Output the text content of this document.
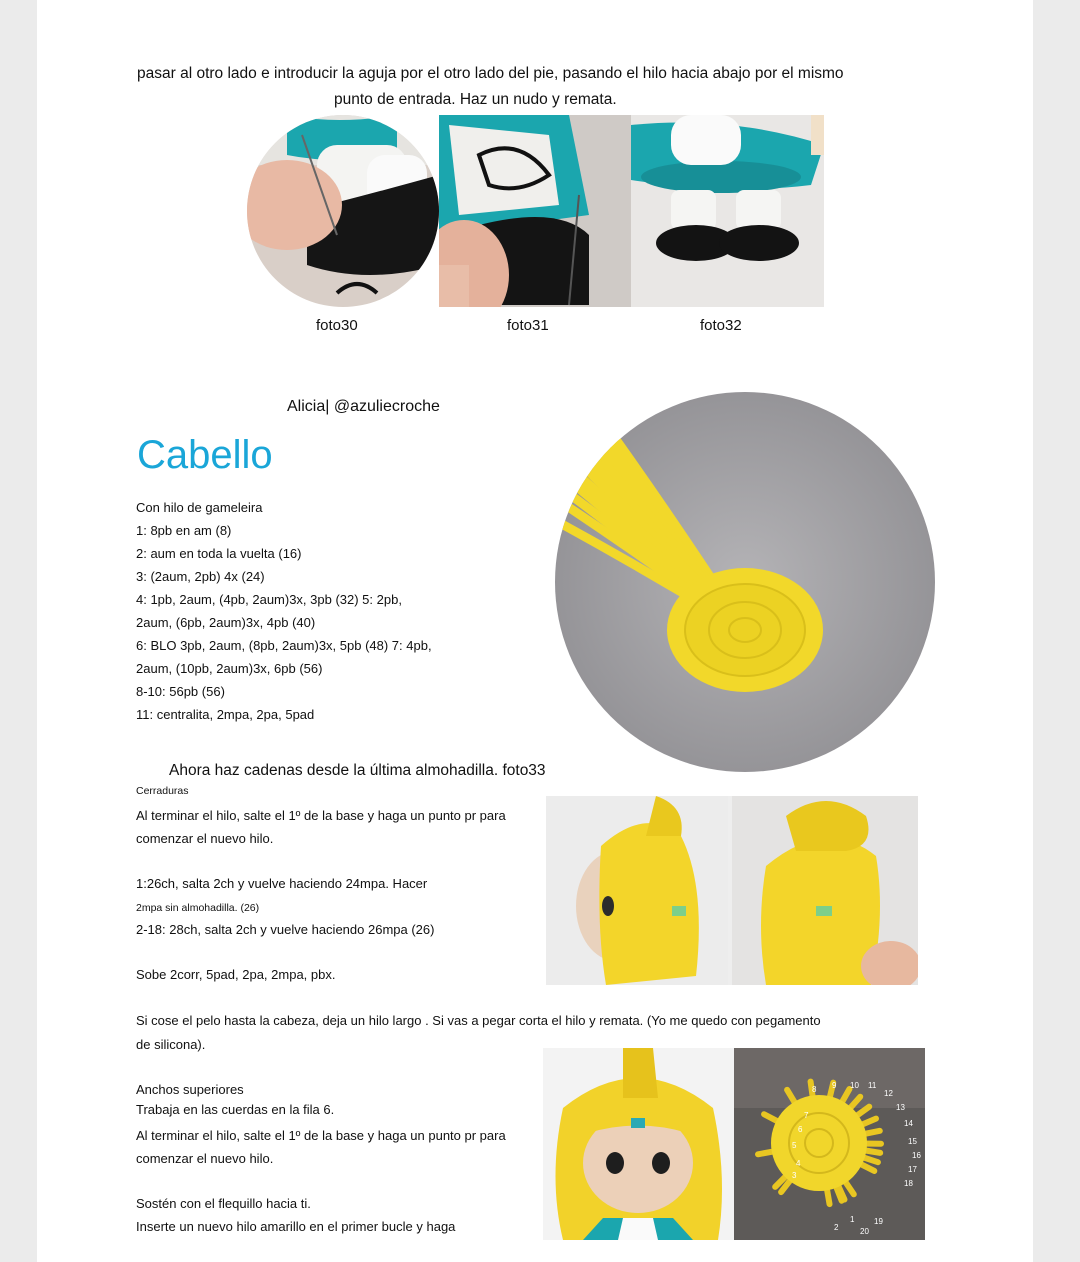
pasar al otro lado e introducir la aguja por el otro lado del pie, pasando el hilo hacia abajo por el mismo
punto de entrada. Haz un nudo y remata.
foto30	foto31	foto32
Alicia| @azuliecroche
Cabello
Con hilo de gameleira
1: 8pb en am (8)
2: aum en toda la vuelta (16)
3: (2aum, 2pb) 4x (24)
4: 1pb, 2aum, (4pb, 2aum)3x, 3pb (32) 5: 2pb,
2aum, (6pb, 2aum)3x, 4pb (40)
6: BLO 3pb, 2aum, (8pb, 2aum)3x, 5pb (48) 7: 4pb,
2aum, (10pb, 2aum)3x, 6pb (56)
8-10: 56pb (56)
11: centralita, 2mpa, 2pa, 5pad
Ahora haz cadenas desde la última almohadilla. foto33
Cerraduras
Al terminar el hilo, salte el 1º de la base y haga un punto pr para
comenzar el nuevo hilo.
1:26ch, salta 2ch y vuelve haciendo 24mpa. Hacer
2mpa sin almohadilla. (26)
2-18: 28ch, salta 2ch y vuelve haciendo 26mpa (26)
Sobe 2corr, 5pad, 2pa, 2mpa, pbx.
Si cose el pelo hasta la cabeza, deja un hilo largo . Si vas a pegar corta el hilo y remata. (Yo me quedo con pegamento
de silicona).
Anchos superiores
Trabaja en las cuerdas en la fila 6.
Al terminar el hilo, salte el 1º de la base y haga un punto pr para
comenzar el nuevo hilo.
Sostén con el flequillo hacia ti.
Inserte un nuevo hilo amarillo en el primer bucle y haga
8 9 10 11
12
13
14
15
16
17
18
19
20
1
2
3
4
5
6
7
